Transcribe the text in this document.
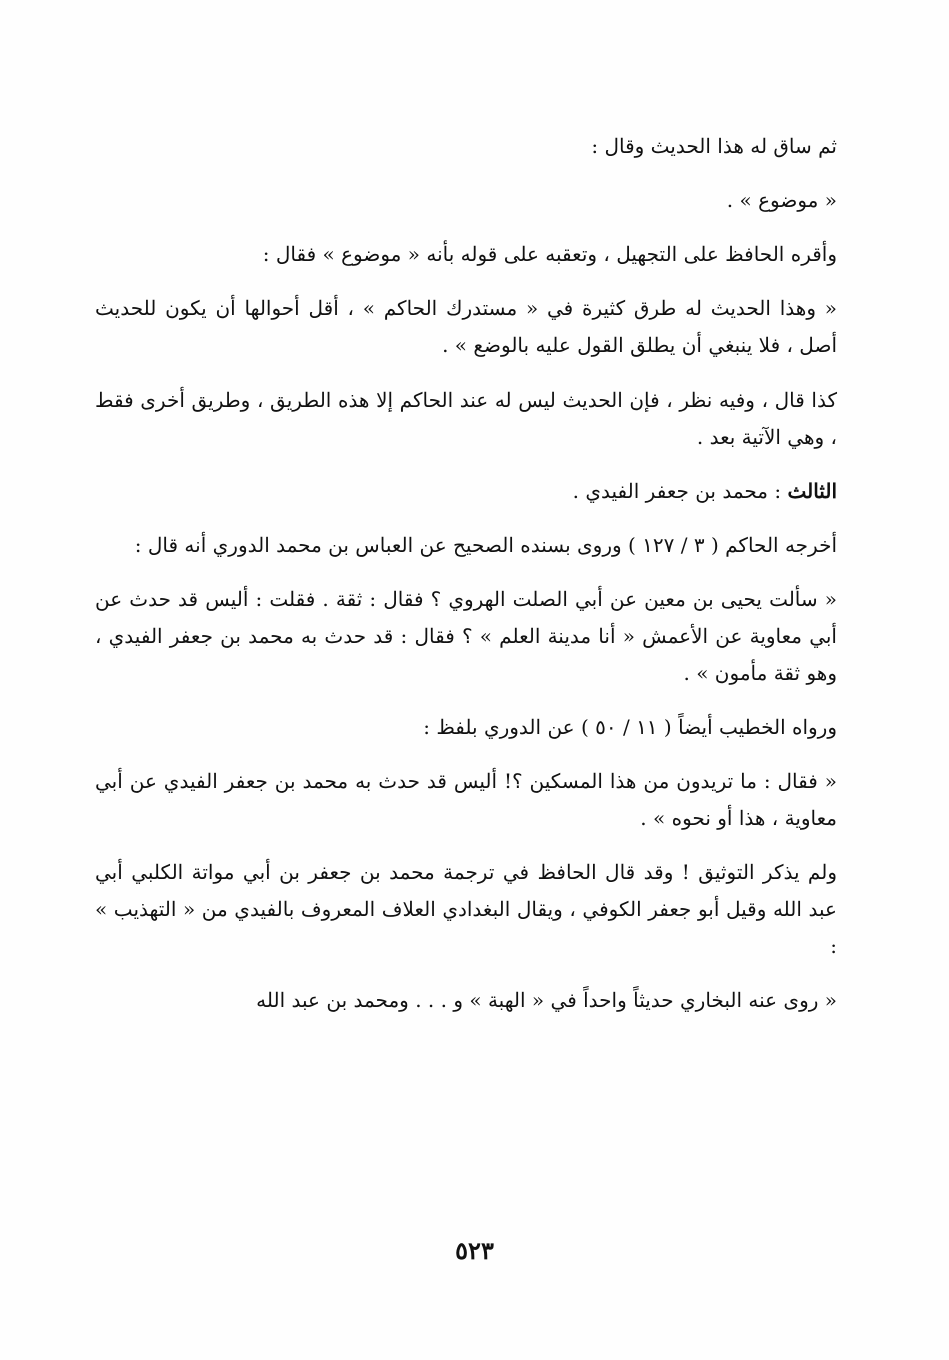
ثم ساق له هذا الحديث وقال :

« موضوع » .

وأقره الحافظ على التجهيل ، وتعقبه على قوله بأنه « موضوع » فقال :

« وهذا الحديث له طرق كثيرة في « مستدرك الحاكم » ، أقل أحوالها أن يكون للحديث أصل ، فلا ينبغي أن يطلق القول عليه بالوضع » .

كذا قال ، وفيه نظر ، فإن الحديث ليس له عند الحاكم إلا هذه الطريق ، وطريق أخرى فقط ، وهي الآتية بعد .

الثالث : محمد بن جعفر الفيدي .

أخرجه الحاكم ( ٣ / ١٢٧ ) وروى بسنده الصحيح عن العباس بن محمد الدوري أنه قال :

« سألت يحيى بن معين عن أبي الصلت الهروي ؟ فقال : ثقة . فقلت : أليس قد حدث عن أبي معاوية عن الأعمش « أنا مدينة العلم » ؟ فقال : قد حدث به محمد بن جعفر الفيدي ، وهو ثقة مأمون » .

ورواه الخطيب أيضاً ( ١١ / ٥٠ ) عن الدوري بلفظ :

« فقال : ما تريدون من هذا المسكين ؟! أليس قد حدث به محمد بن جعفر الفيدي عن أبي معاوية ، هذا أو نحوه » .

ولم يذكر التوثيق ! وقد قال الحافظ في ترجمة محمد بن جعفر بن أبي مواتة الكلبي أبي عبد الله وقيل أبو جعفر الكوفي ، ويقال البغدادي العلاف المعروف بالفيدي من « التهذيب » :

« روى عنه البخاري حديثاً واحداً في « الهبة » و . . . ومحمد بن عبد الله

٥٢٣
